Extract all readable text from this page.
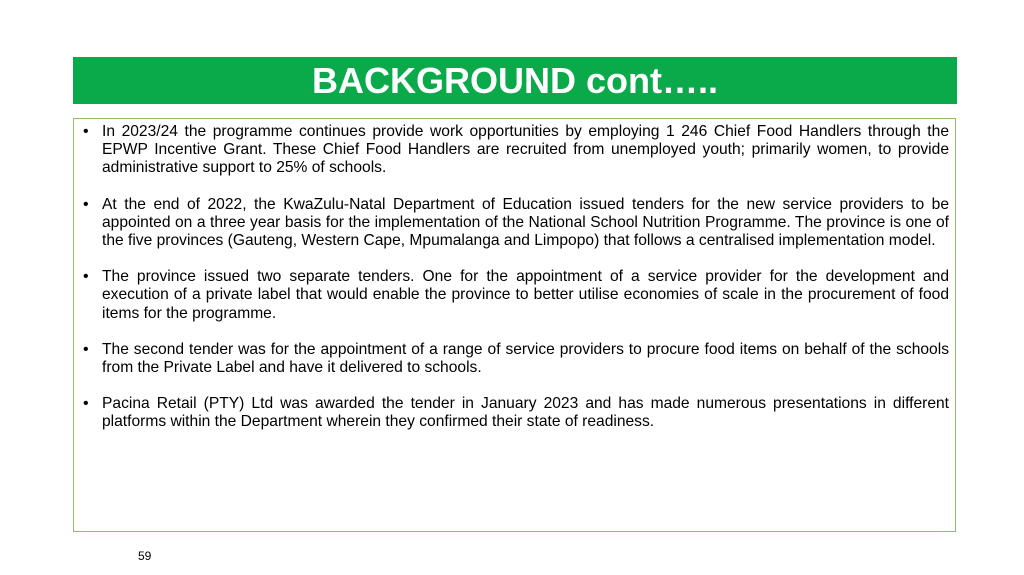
BACKGROUND cont…..
• In 2023/24 the programme continues provide work opportunities by employing 1 246 Chief Food Handlers through the EPWP Incentive Grant. These Chief Food Handlers are recruited from unemployed youth; primarily women, to provide administrative support to 25% of schools.
• At the end of 2022, the KwaZulu-Natal Department of Education issued tenders for the new service providers to be appointed on a three year basis for the implementation of the National School Nutrition Programme. The province is one of the five provinces (Gauteng, Western Cape, Mpumalanga and Limpopo) that follows a centralised implementation model.
• The province issued two separate tenders. One for the appointment of a service provider for the development and execution of a private label that would enable the province to better utilise economies of scale in the procurement of food items for the programme.
• The second tender was for the appointment of a range of service providers to procure food items on behalf of the schools from the Private Label and have it delivered to schools.
• Pacina Retail (PTY) Ltd was awarded the tender in January 2023 and has made numerous presentations in different platforms within the Department wherein they confirmed their state of readiness.
59
